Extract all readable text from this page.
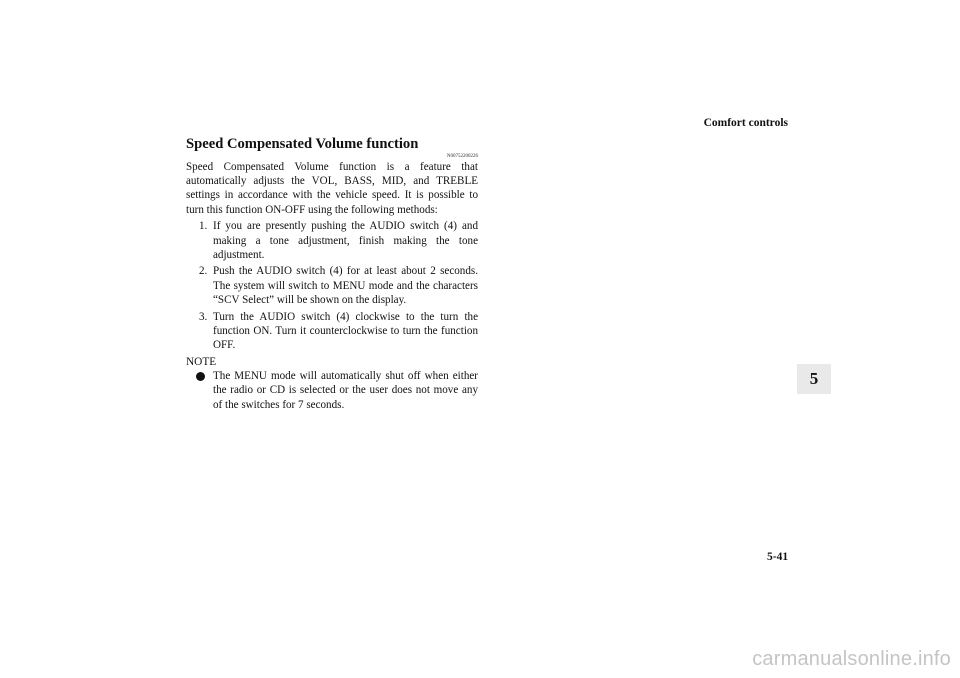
Comfort controls
5
Speed Compensated Volume function
N00752200226

Speed Compensated Volume function is a feature that automatically adjusts the VOL, BASS, MID, and TREBLE settings in accordance with the vehicle speed. It is possible to turn this function ON-OFF using the following methods:

1. If you are presently pushing the AUDIO switch (4) and making a tone adjustment, finish making the tone adjustment.
2. Push the AUDIO switch (4) for at least about 2 seconds. The system will switch to MENU mode and the characters “SCV Select” will be shown on the display.
3. Turn the AUDIO switch (4) clockwise to the turn the function ON. Turn it counterclockwise to turn the function OFF.
NOTE
The MENU mode will automatically shut off when either the radio or CD is selected or the user does not move any of the switches for 7 seconds.
5-41
carmanualsonline.info
